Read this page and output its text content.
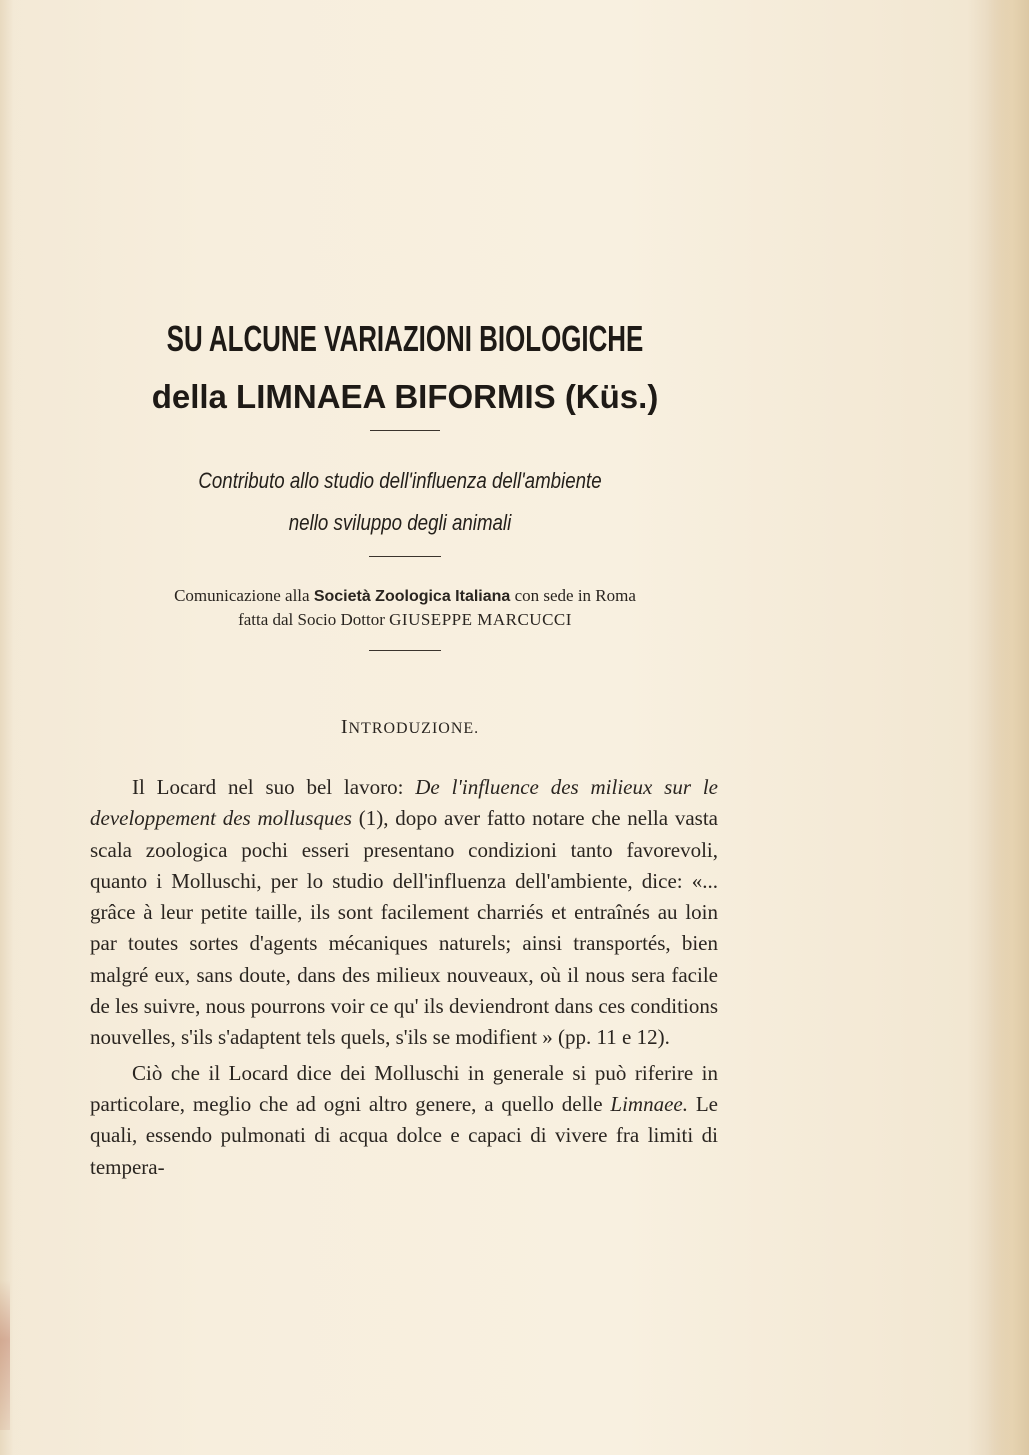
SU ALCUNE VARIAZIONI BIOLOGICHE
della LIMNAEA BIFORMIS (Küs.)

Contributo allo studio dell'influenza dell'ambiente

nello sviluppo degli animali

Comunicazione alla Società Zoologica Italiana con sede in Roma
fatta dal Socio Dottor GIUSEPPE MARCUCCI
INTRODUZIONE.

Il Locard nel suo bel lavoro: De l'influence des milieux sur le developpement des mollusques (1), dopo aver fatto notare che nella vasta scala zoologica pochi esseri presentano condizioni tanto favorevoli, quanto i Molluschi, per lo studio dell'influenza dell'ambiente, dice: «... grâce à leur petite taille, ils sont facilement charriés et entraînés au loin par toutes sortes d'agents mécaniques naturels; ainsi transportés, bien malgré eux, sans doute, dans des milieux nouveaux, où il nous sera facile de les suivre, nous pourrons voir ce qu' ils deviendront dans ces conditions nouvelles, s'ils s'adaptent tels quels, s'ils se modifient » (pp. 11 e 12).

Ciò che il Locard dice dei Molluschi in generale si può riferire in particolare, meglio che ad ogni altro genere, a quello delle Limnaee. Le quali, essendo pulmonati di acqua dolce e capaci di vivere fra limiti di tempera-
